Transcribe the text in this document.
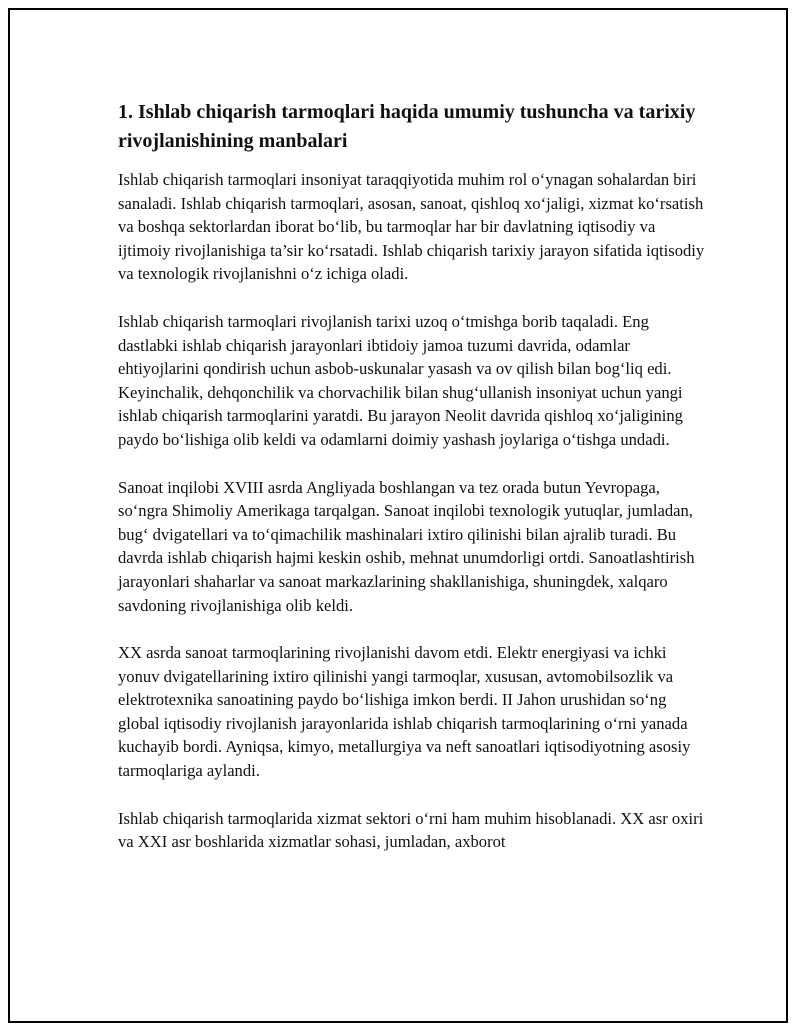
1. Ishlab chiqarish tarmoqlari haqida umumiy tushuncha va tarixiy rivojlanishining manbalari

Ishlab chiqarish tarmoqlari insoniyat taraqqiyotida muhim rol o‘ynagan sohalardan biri sanaladi. Ishlab chiqarish tarmoqlari, asosan, sanoat, qishloq xo‘jaligi, xizmat ko‘rsatish va boshqa sektorlardan iborat bo‘lib, bu tarmoqlar har bir davlatning iqtisodiy va ijtimoiy rivojlanishiga ta’sir ko‘rsatadi. Ishlab chiqarish tarixiy jarayon sifatida iqtisodiy va texnologik rivojlanishni o‘z ichiga oladi.

Ishlab chiqarish tarmoqlari rivojlanish tarixi uzoq o‘tmishga borib taqaladi. Eng dastlabki ishlab chiqarish jarayonlari ibtidoiy jamoa tuzumi davrida, odamlar ehtiyojlarini qondirish uchun asbob-uskunalar yasash va ov qilish bilan bog‘liq edi. Keyinchalik, dehqonchilik va chorvachilik bilan shug‘ullanish insoniyat uchun yangi ishlab chiqarish tarmoqlarini yaratdi. Bu jarayon Neolit davrida qishloq xo‘jaligining paydo bo‘lishiga olib keldi va odamlarni doimiy yashash joylariga o‘tishga undadi.

Sanoat inqilobi XVIII asrda Angliyada boshlangan va tez orada butun Yevropaga, so‘ngra Shimoliy Amerikaga tarqalgan. Sanoat inqilobi texnologik yutuqlar, jumladan, bug‘ dvigatellari va to‘qimachilik mashinalari ixtiro qilinishi bilan ajralib turadi. Bu davrda ishlab chiqarish hajmi keskin oshib, mehnat unumdorligi ortdi. Sanoatlashtirish jarayonlari shaharlar va sanoat markazlarining shakllanishiga, shuningdek, xalqaro savdoning rivojlanishiga olib keldi.

XX asrda sanoat tarmoqlarining rivojlanishi davom etdi. Elektr energiyasi va ichki yonuv dvigatellarining ixtiro qilinishi yangi tarmoqlar, xususan, avtomobilsozlik va elektrotexnika sanoatining paydo bo‘lishiga imkon berdi. II Jahon urushidan so‘ng global iqtisodiy rivojlanish jarayonlarida ishlab chiqarish tarmoqlarining o‘rni yanada kuchayib bordi. Ayniqsa, kimyo, metallurgiya va neft sanoatlari iqtisodiyotning asosiy tarmoqlariga aylandi.

Ishlab chiqarish tarmoqlarida xizmat sektori o‘rni ham muhim hisoblanadi. XX asr oxiri va XXI asr boshlarida xizmatlar sohasi, jumladan, axborot
